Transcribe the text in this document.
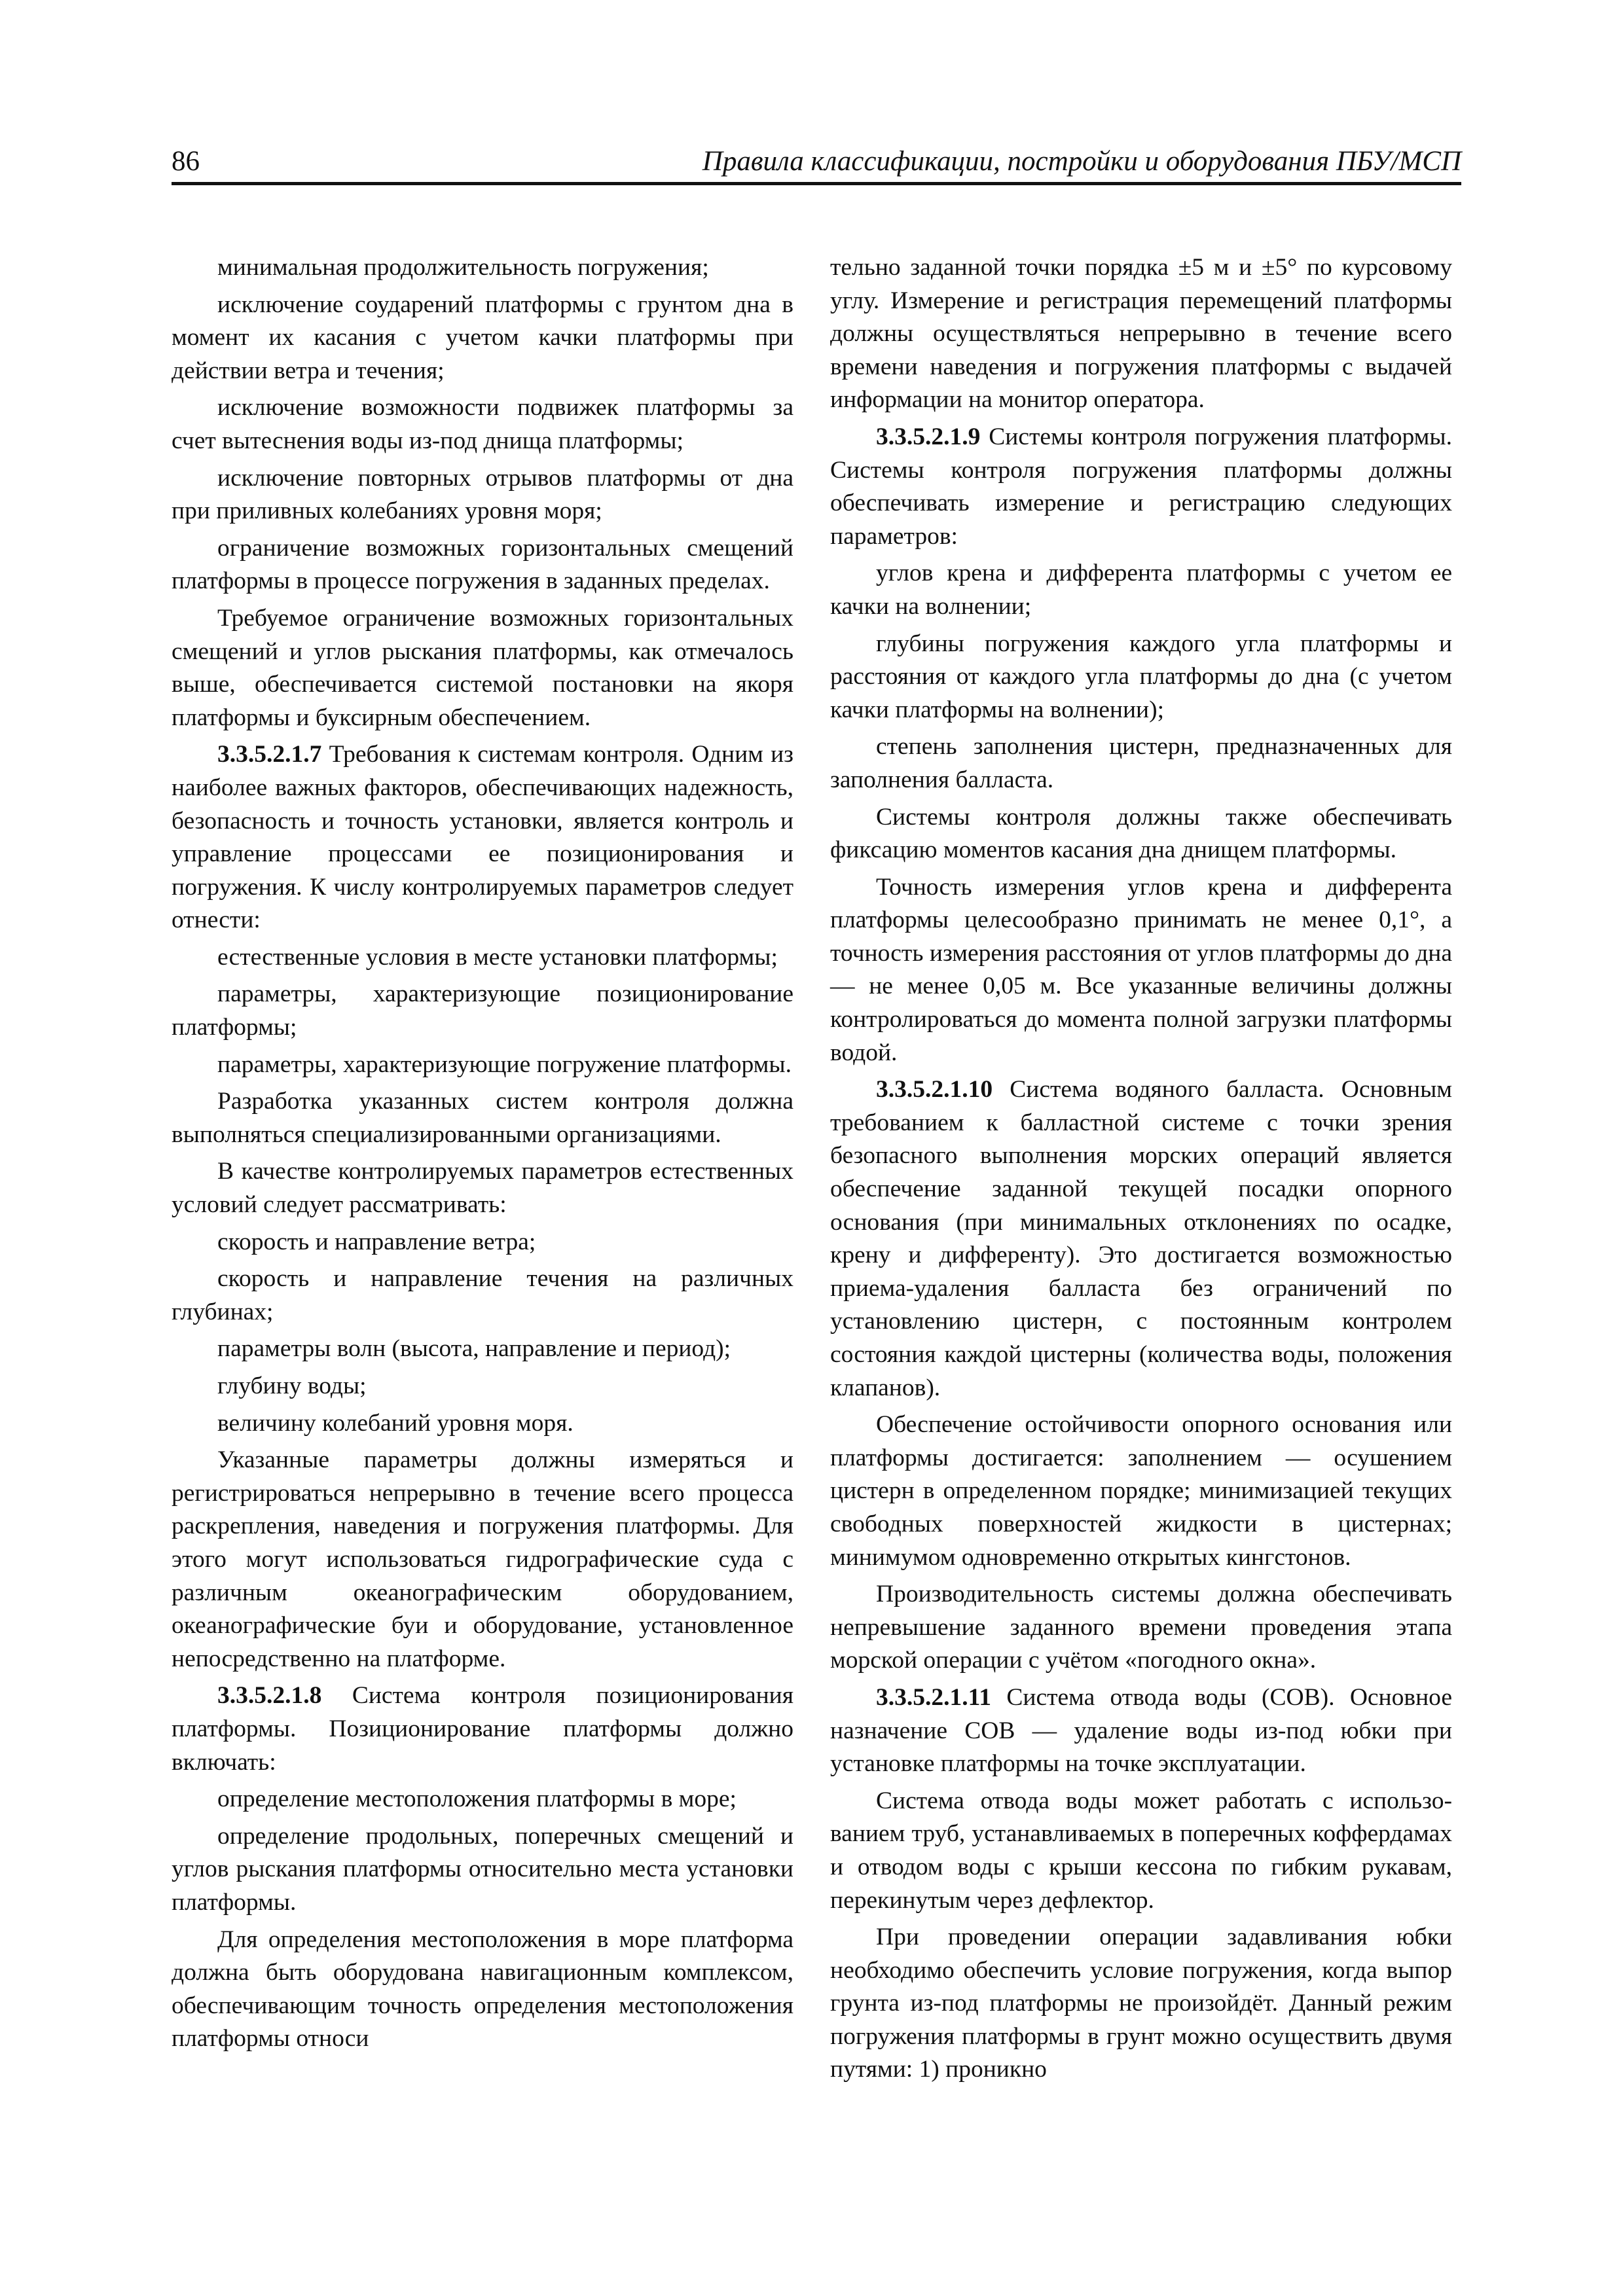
86	Правила классификации, постройки и оборудования ПБУ/МСП

минимальная продолжительность погружения;

исключение соударений платформы с грунтом дна в момент их касания с учетом качки платформы при действии ветра и течения;

исключение возможности подвижек платформы за счет вытеснения воды из-под днища платформы;

исключение повторных отрывов платформы от дна при приливных колебаниях уровня моря;

ограничение возможных горизонтальных смещений платформы в процессе погружения в заданных пределах.

Требуемое ограничение возможных горизонтальных смещений и углов рыскания платформы, как отмечалось выше, обеспечивается системой постановки на якоря платформы и буксирным обеспечением.

3.3.5.2.1.7 Требования к системам контроля. Одним из наиболее важных факторов, обеспечивающих надежность, безопасность и точность установки, является контроль и управление процессами ее позиционирования и погружения. К числу контролируемых параметров следует отнести:

естественные условия в месте установки платформы;

параметры, характеризующие позиционирование платформы;

параметры, характеризующие погружение платформы.

Разработка указанных систем контроля должна выполняться специализированными организациями.

В качестве контролируемых параметров естественных условий следует рассматривать:

скорость и направление ветра;

скорость и направление течения на различных глубинах;

параметры волн (высота, направление и период);

глубину воды;

величину колебаний уровня моря.

Указанные параметры должны измеряться и регистрироваться непрерывно в течение всего процесса раскрепления, наведения и погружения платформы. Для этого могут использоваться гидрографические суда с различным океанографическим оборудованием, океанографические буи и оборудование, установленное непосредственно на платформе.

3.3.5.2.1.8 Система контроля позиционирования платформы. Позиционирование платформы должно включать:

определение местоположения платформы в море;

определение продольных, поперечных смещений и углов рыскания платформы относительно места установки платформы.

Для определения местоположения в море платформа должна быть оборудована навигационным комплексом, обеспечивающим точность определения местоположения платформы относи

тельно заданной точки порядка ±5 м и ±5° по курсовому углу. Измерение и регистрация перемещений платформы должны осуществляться непрерывно в течение всего времени наведения и погружения платформы с выдачей информации на монитор оператора.

3.3.5.2.1.9 Системы контроля погружения платформы. Системы контроля погружения платформы должны обеспечивать измерение и регистрацию следующих параметров:

углов крена и дифферента платформы с учетом ее качки на волнении;

глубины погружения каждого угла платформы и расстояния от каждого угла платформы до дна (с учетом качки платформы на волнении);

степень заполнения цистерн, предназначенных для заполнения балласта.

Системы контроля должны также обеспечивать фиксацию моментов касания дна днищем платформы.

Точность измерения углов крена и дифферента платформы целесообразно принимать не менее 0,1°, а точность измерения расстояния от углов платформы до дна — не менее 0,05 м. Все указанные величины должны контролироваться до момента полной загрузки платформы водой.

3.3.5.2.1.10 Система водяного балласта. Основным требованием к балластной системе с точки зрения безопасного выполнения морских операций является обеспечение заданной текущей посадки опорного основания (при минимальных отклонениях по осадке, крену и дифференту). Это достигается возможностью приема-удаления балласта без ограничений по установлению цистерн, с постоянным контролем состояния каждой цистерны (количества воды, положения клапанов).

Обеспечение остойчивости опорного основания или платформы достигается: заполнением — осушением цистерн в определенном порядке; минимизацией текущих свободных поверхностей жидкости в цистернах; минимумом одновременно открытых кингстонов.

Производительность системы должна обеспечивать непревышение заданного времени проведения этапа морской операции с учётом «погодного окна».

3.3.5.2.1.11 Система отвода воды (СОВ). Основное назначение СОВ — удаление воды из-под юбки при установке платформы на точке эксплуатации.

Система отвода воды может работать с использованием труб, устанавливаемых в поперечных коффердамах и отводом воды с крыши кессона по гибким рукавам, перекинутым через дефлектор.

При проведении операции задавливания юбки необходимо обеспечить условие погружения, когда выпор грунта из-под платформы не произойдёт. Данный режим погружения платформы в грунт можно осуществить двумя путями: 1) проникно
